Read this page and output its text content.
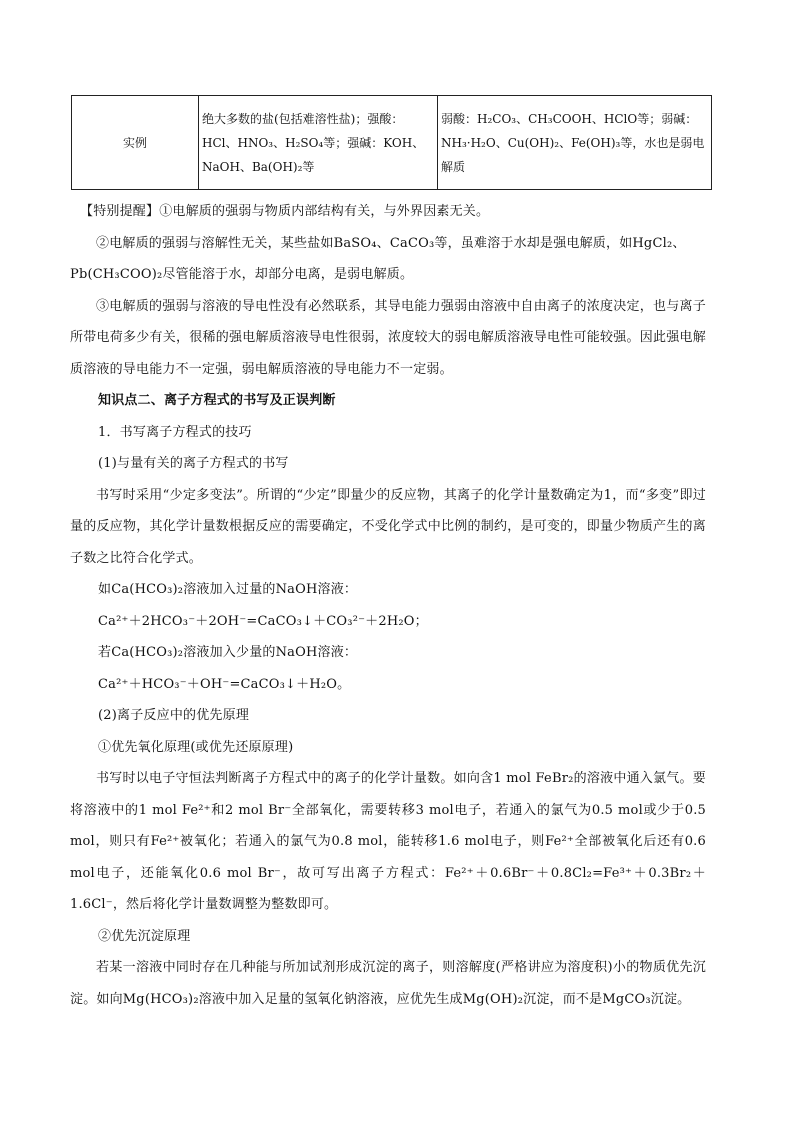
实例	绝大多数的盐(包括难溶性盐)；强酸：HCl、HNO₃、H₂SO₄等；强碱：KOH、NaOH、Ba(OH)₂等	弱酸：H₂CO₃、CH₃COOH、HClO等；弱碱：NH₃·H₂O、Cu(OH)₂、Fe(OH)₃等，水也是弱电解质

【特别提醒】①电解质的强弱与物质内部结构有关，与外界因素无关。

②电解质的强弱与溶解性无关，某些盐如BaSO₄、CaCO₃等，虽难溶于水却是强电解质，如HgCl₂、Pb(CH₃COO)₂尽管能溶于水，却部分电离，是弱电解质。

③电解质的强弱与溶液的导电性没有必然联系，其导电能力强弱由溶液中自由离子的浓度决定，也与离子所带电荷多少有关，很稀的强电解质溶液导电性很弱，浓度较大的弱电解质溶液导电性可能较强。因此强电解质溶液的导电能力不一定强，弱电解质溶液的导电能力不一定弱。

知识点二、离子方程式的书写及正误判断

1．书写离子方程式的技巧

(1)与量有关的离子方程式的书写

书写时采用“少定多变法”。所谓的“少定”即量少的反应物，其离子的化学计量数确定为1，而“多变”即过量的反应物，其化学计量数根据反应的需要确定，不受化学式中比例的制约，是可变的，即量少物质产生的离子数之比符合化学式。

如Ca(HCO₃)₂溶液加入过量的NaOH溶液：

Ca²⁺＋2HCO₃⁻＋2OH⁻=CaCO₃↓＋CO₃²⁻＋2H₂O；

若Ca(HCO₃)₂溶液加入少量的NaOH溶液：

Ca²⁺＋HCO₃⁻＋OH⁻=CaCO₃↓＋H₂O。

(2)离子反应中的优先原理

①优先氧化原理(或优先还原原理)

书写时以电子守恒法判断离子方程式中的离子的化学计量数。如向含1 mol FeBr₂的溶液中通入氯气。要将溶液中的1 mol Fe²⁺和2 mol Br⁻全部氧化，需要转移3 mol电子，若通入的氯气为0.5 mol或少于0.5 mol，则只有Fe²⁺被氧化；若通入的氯气为0.8 mol，能转移1.6 mol电子，则Fe²⁺全部被氧化后还有0.6 mol电子，还能氧化0.6 mol Br⁻，故可写出离子方程式：Fe²⁺＋0.6Br⁻＋0.8Cl₂=Fe³⁺＋0.3Br₂＋1.6Cl⁻，然后将化学计量数调整为整数即可。

②优先沉淀原理

若某一溶液中同时存在几种能与所加试剂形成沉淀的离子，则溶解度(严格讲应为溶度积)小的物质优先沉淀。如向Mg(HCO₃)₂溶液中加入足量的氢氧化钠溶液，应优先生成Mg(OH)₂沉淀，而不是MgCO₃沉淀。
